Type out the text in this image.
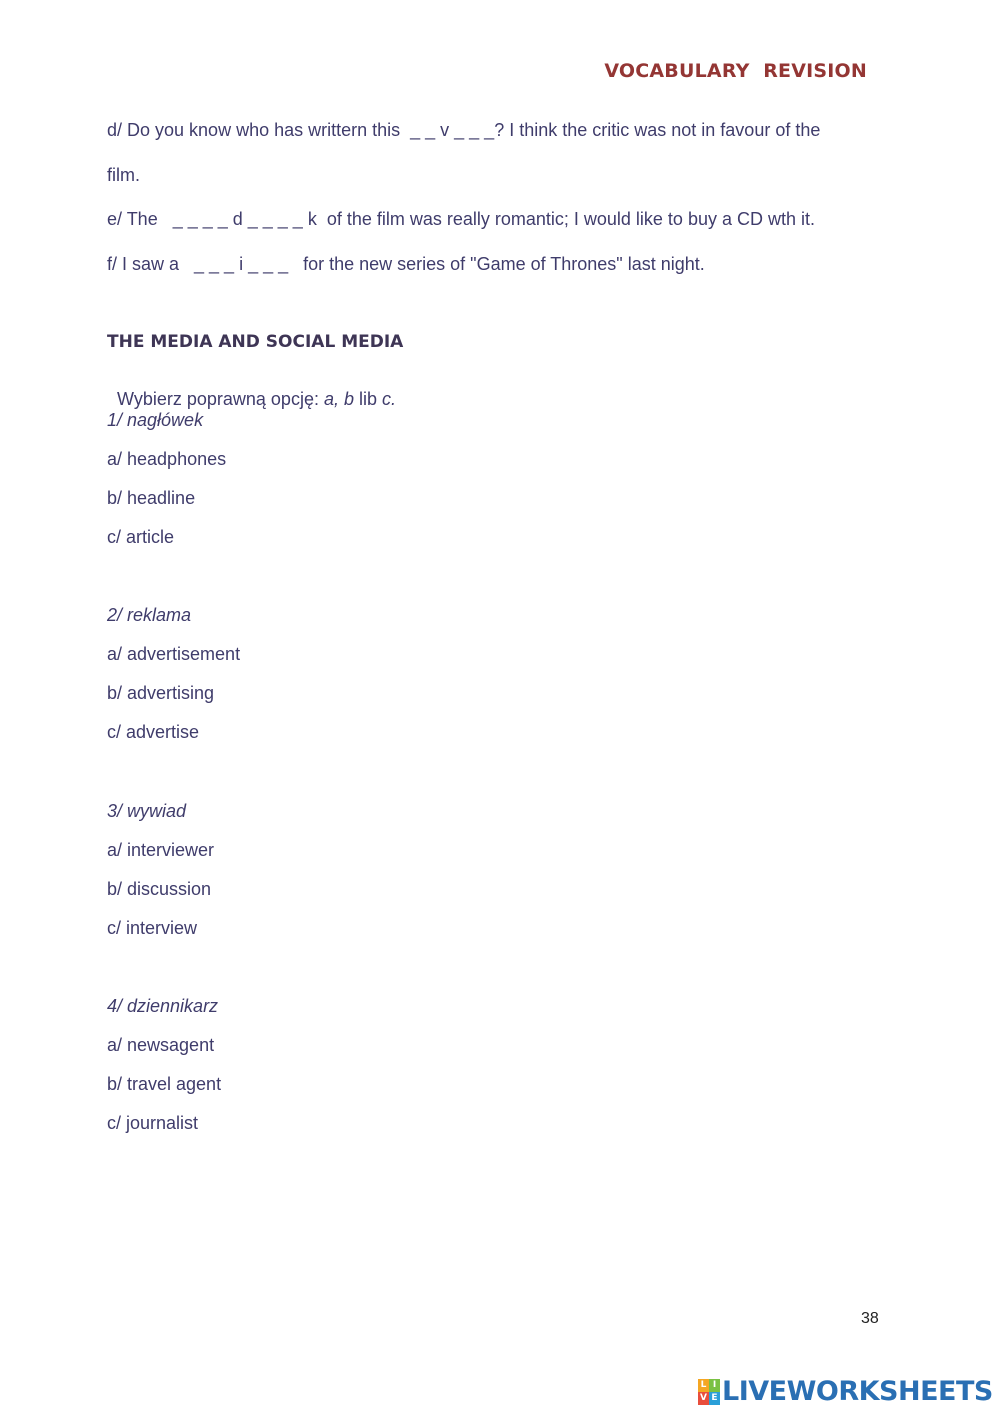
VOCABULARY  REVISION
d/ Do you know who has writtern this  _ _ v _ _ _? I think the critic was not in favour of the
film.
e/ The   _ _ _ _ d _ _ _ _ k  of the film was really romantic; I would like to buy a CD wth it.
f/ I saw a   _ _ _ i _ _ _   for the new series of "Game of Thrones" last night.
THE MEDIA AND SOCIAL MEDIA

Wybierz poprawną opcję: a, b lib c.

1/ nagłówek
a/ headphones
b/ headline
c/ article
2/ reklama
a/ advertisement
b/ advertising
c/ advertise
3/ wywiad
a/ interviewer
b/ discussion
c/ interview
4/ dziennikarz
a/ newsagent
b/ travel agent
c/ journalist
38
L I
V E LIVEWORKSHEETS
